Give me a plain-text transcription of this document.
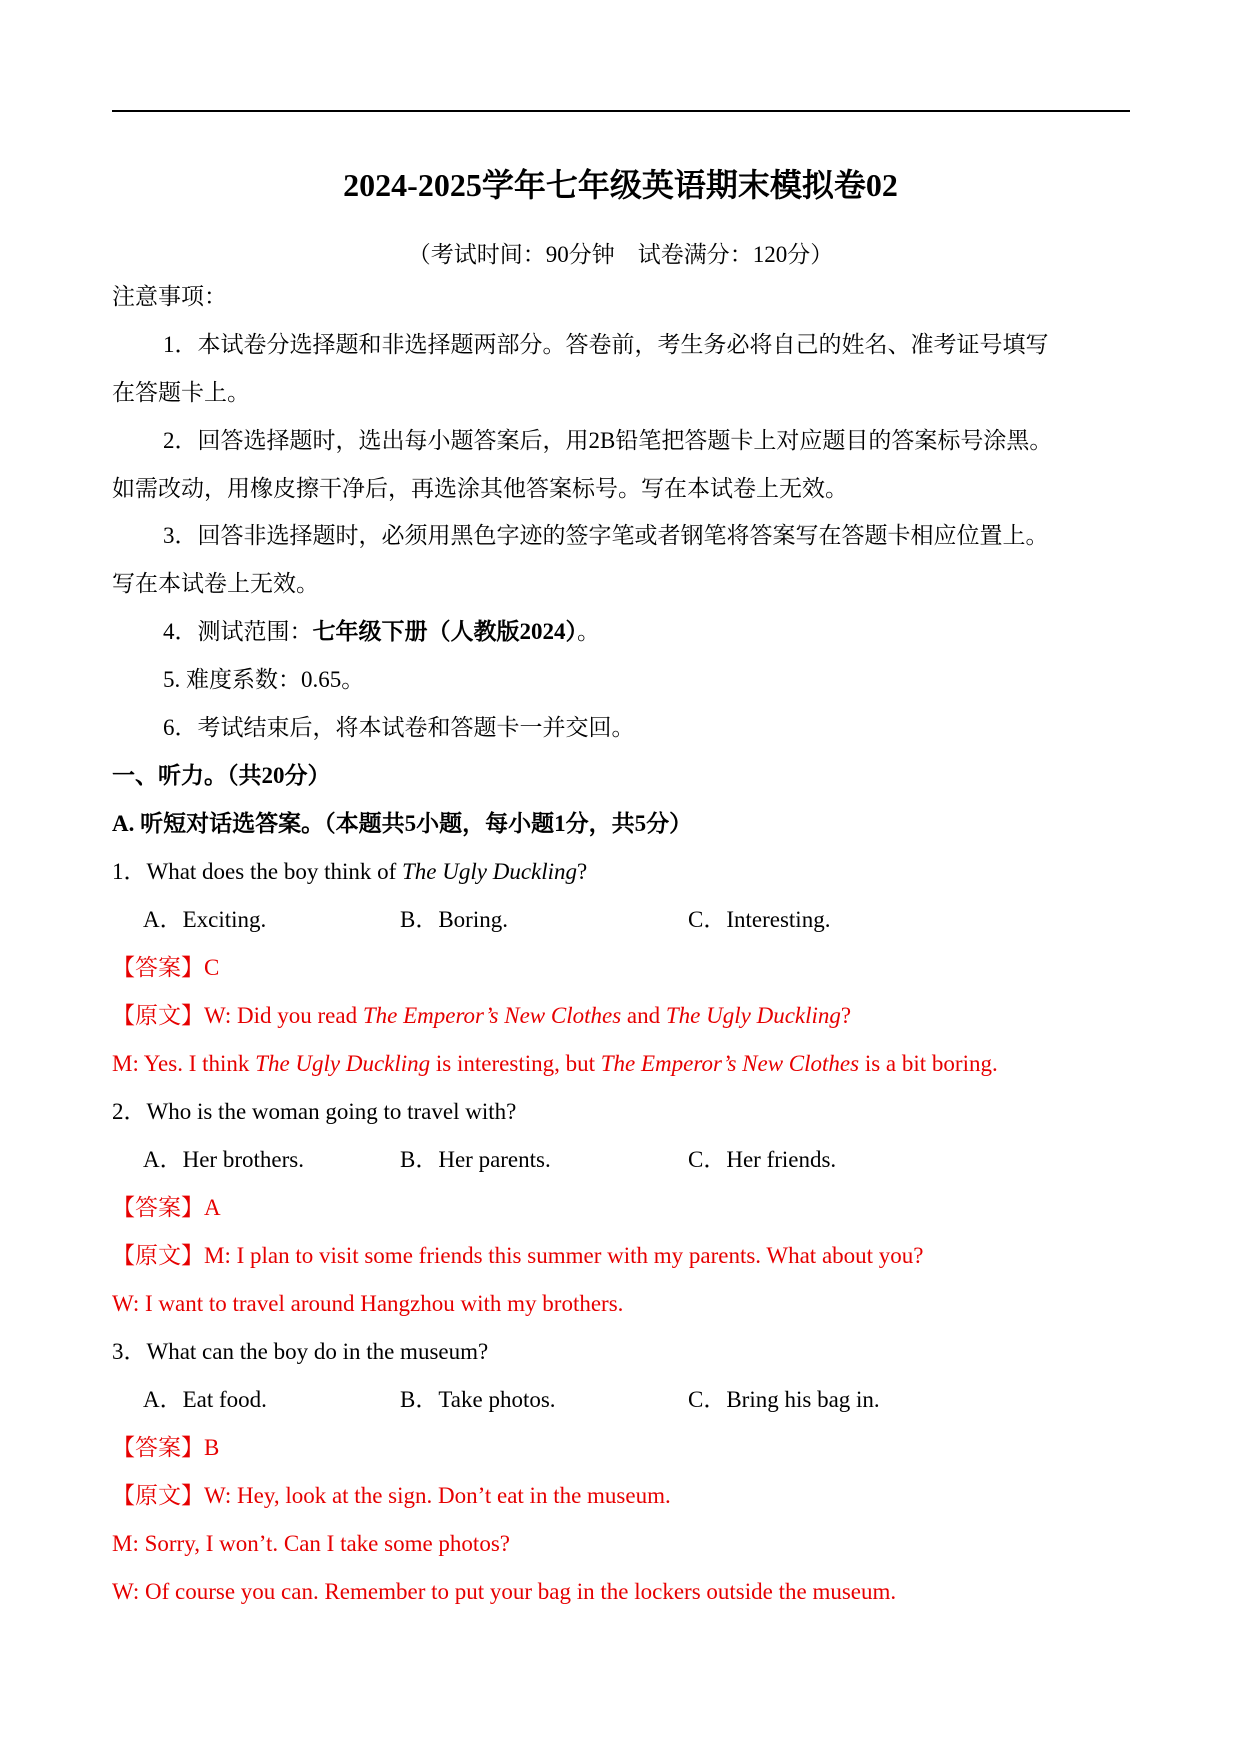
2024-2025学年七年级英语期末模拟卷02
（考试时间：90分钟　试卷满分：120分）
注意事项：
1．本试卷分选择题和非选择题两部分。答卷前，考生务必将自己的姓名、准考证号填写
在答题卡上。
2．回答选择题时，选出每小题答案后，用2B铅笔把答题卡上对应题目的答案标号涂黑。
如需改动，用橡皮擦干净后，再选涂其他答案标号。写在本试卷上无效。
3．回答非选择题时，必须用黑色字迹的签字笔或者钢笔将答案写在答题卡相应位置上。
写在本试卷上无效。
4．测试范围：七年级下册（人教版2024）。
5. 难度系数：0.65。
6．考试结束后，将本试卷和答题卡一并交回。
一、听力。（共20分）
A. 听短对话选答案。（本题共5小题，每小题1分，共5分）
1．What does the boy think of The Ugly Duckling?
A．Exciting.	B．Boring.	C．Interesting.
【答案】C
【原文】W: Did you read The Emperor’s New Clothes and The Ugly Duckling?
M: Yes. I think The Ugly Duckling is interesting, but The Emperor’s New Clothes is a bit boring.
2．Who is the woman going to travel with?
A．Her brothers.	B．Her parents.	C．Her friends.
【答案】A
【原文】M: I plan to visit some friends this summer with my parents. What about you?
W: I want to travel around Hangzhou with my brothers.
3．What can the boy do in the museum?
A．Eat food.	B．Take photos.	C．Bring his bag in.
【答案】B
【原文】W: Hey, look at the sign. Don’t eat in the museum.
M: Sorry, I won’t. Can I take some photos?
W: Of course you can. Remember to put your bag in the lockers outside the museum.
